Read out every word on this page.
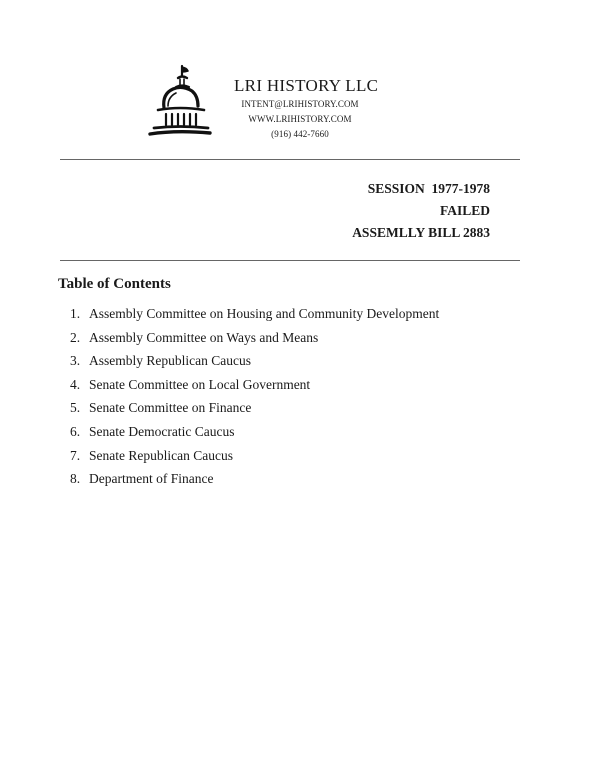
LRI HISTORY LLC
INTENT@LRIHISTORY.COM
WWW.LRIHISTORY.COM
(916) 442-7660
SESSION  1977-1978
FAILED
ASSEMLLY BILL 2883
Table of Contents
1. Assembly Committee on Housing and Community Development
2. Assembly Committee on Ways and Means
3. Assembly Republican Caucus
4. Senate Committee on Local Government
5. Senate Committee on Finance
6. Senate Democratic Caucus
7. Senate Republican Caucus
8. Department of Finance
